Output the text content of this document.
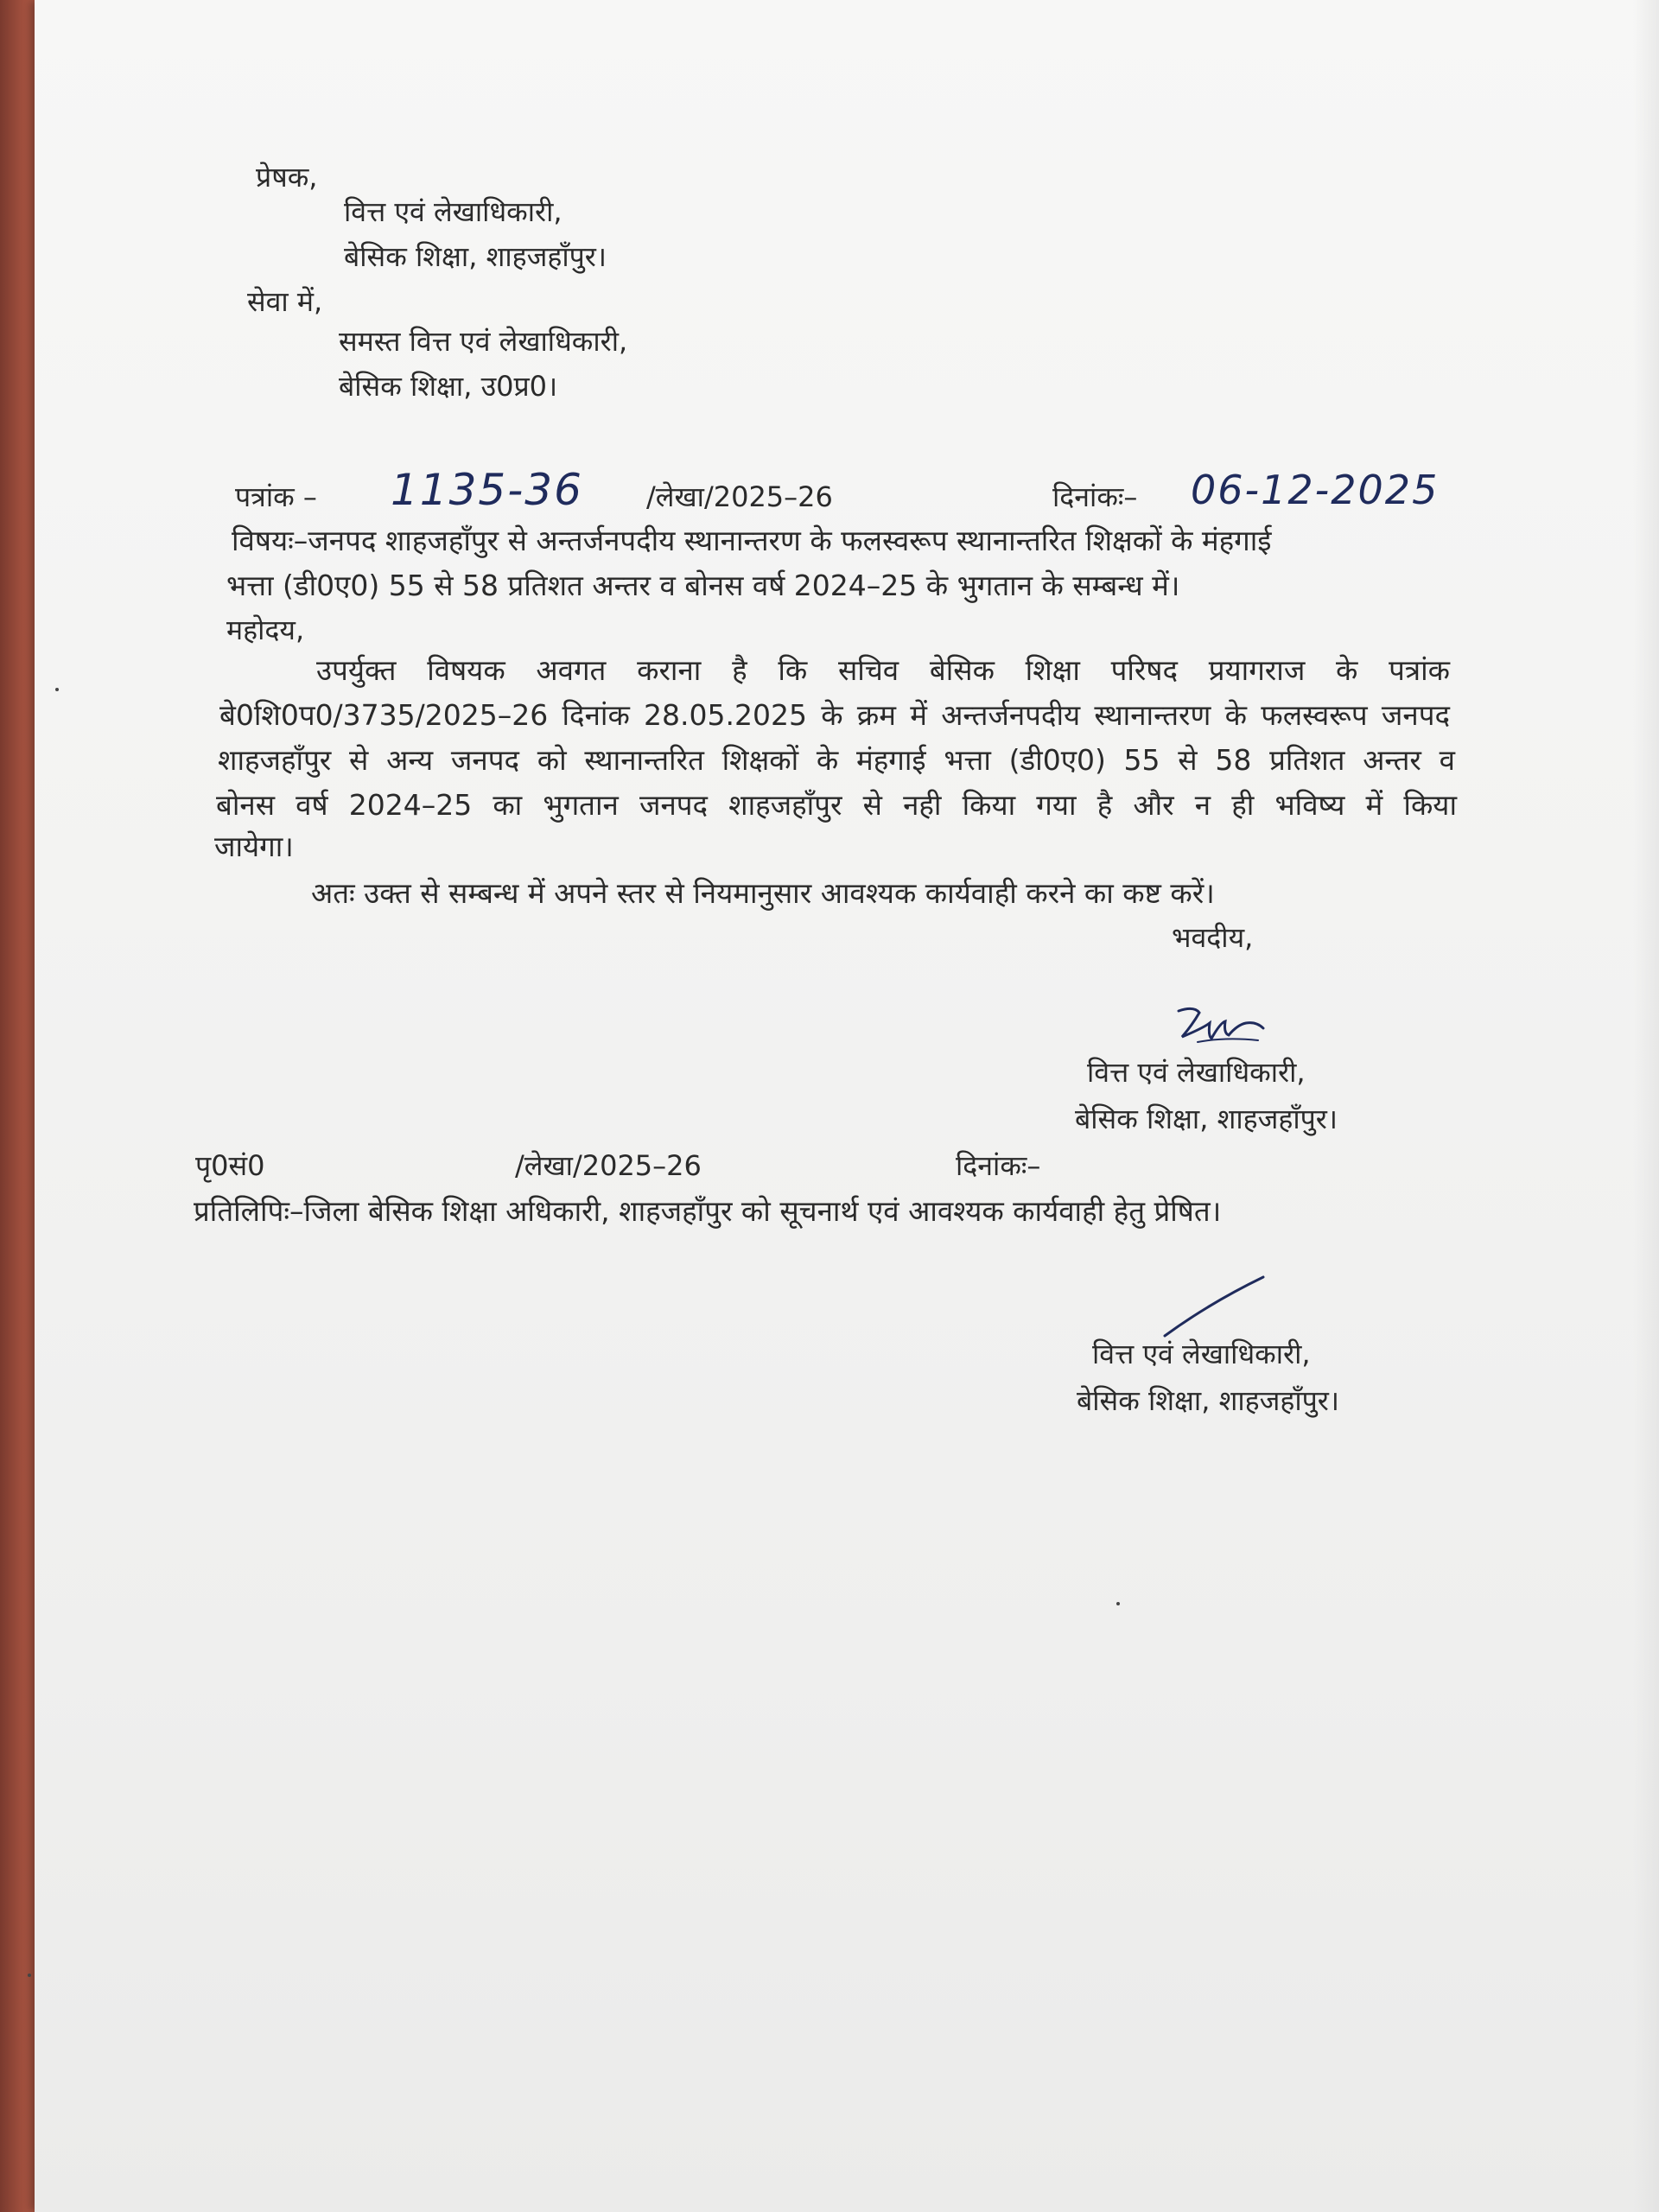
प्रेषक,
वित्त एवं लेखाधिकारी,
बेसिक शिक्षा, शाहजहाँपुर।
सेवा में,
समस्त वित्त एवं लेखाधिकारी,
बेसिक शिक्षा, उ0प्र0।
पत्रांक – 1135-36 /लेखा/2025–26	दिनांकः– 06-12-2025
विषयः–जनपद शाहजहाँपुर से अन्तर्जनपदीय स्थानान्तरण के फलस्वरूप स्थानान्तरित शिक्षकों के मंहगाई
भत्ता (डी0ए0) 55 से 58 प्रतिशत अन्तर व बोनस वर्ष 2024–25 के भुगतान के सम्बन्ध में।
महोदय,
उपर्युक्त विषयक अवगत कराना है कि सचिव बेसिक शिक्षा परिषद प्रयागराज के पत्रांक
बे0शि0प0/3735/2025–26 दिनांक 28.05.2025 के क्रम में अन्तर्जनपदीय स्थानान्तरण के फलस्वरूप जनपद
शाहजहाँपुर से अन्य जनपद को स्थानान्तरित शिक्षकों के मंहगाई भत्ता (डी0ए0) 55 से 58 प्रतिशत अन्तर व
बोनस वर्ष 2024–25 का भुगतान जनपद शाहजहाँपुर से नही किया गया है और न ही भविष्य में किया
जायेगा।
अतः उक्त से सम्बन्ध में अपने स्तर से नियमानुसार आवश्यक कार्यवाही करने का कष्ट करें।
भवदीय,
वित्त एवं लेखाधिकारी,
बेसिक शिक्षा, शाहजहाँपुर।
पृ0सं0	/लेखा/2025–26	दिनांकः–
प्रतिलिपिः–जिला बेसिक शिक्षा अधिकारी, शाहजहाँपुर को सूचनार्थ एवं आवश्यक कार्यवाही हेतु प्रेषित।
वित्त एवं लेखाधिकारी,
बेसिक शिक्षा, शाहजहाँपुर।
